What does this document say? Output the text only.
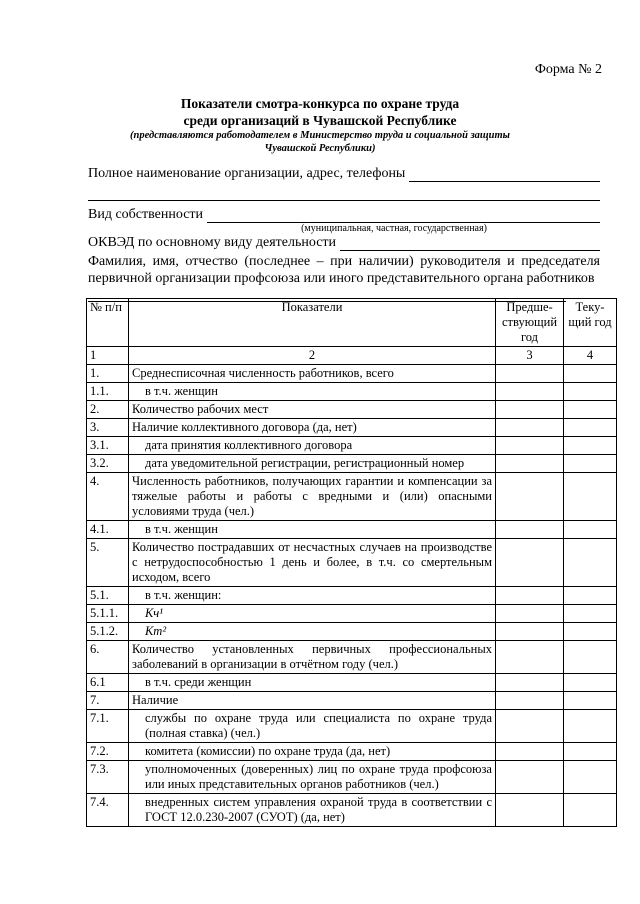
Форма № 2
Показатели смотра-конкурса по охране труда
среди организаций в Чувашской Республике
(представляются работодателем в Министерство труда и социальной защиты
Чувашской Республики)
Полное наименование организации, адрес, телефоны
Вид собственности
(муниципальная, частная, государственная)
ОКВЭД по основному виду деятельности
Фамилия, имя, отчество (последнее – при наличии) руководителя и председателя первичной организации профсоюза или иного представительного органа работников
№ п/п	Показатели	Предше-ствующий год	Теку-щий год
1	2	3	4
1.	Среднесписочная численность работников, всего		
1.1.	в т.ч. женщин		
2.	Количество рабочих мест		
3.	Наличие коллективного договора (да, нет)		
3.1.	дата принятия коллективного договора		
3.2.	дата уведомительной регистрации, регистрационный номер		
4.	Численность работников, получающих гарантии и компенсации за тяжелые работы и работы с вредными и (или) опасными условиями труда (чел.)		
4.1.	в т.ч. женщин		
5.	Количество пострадавших от несчастных случаев на производстве с нетрудоспособностью 1 день и более, в т.ч. со смертельным исходом, всего		
5.1.	в т.ч. женщин:		
5.1.1.	Кч¹		
5.1.2.	Кт²		
6.	Количество установленных первичных профессиональных заболеваний в организации в отчётном году (чел.)		
6.1	в т.ч. среди женщин		
7.	Наличие		
7.1.	службы по охране труда или специалиста по охране труда (полная ставка) (чел.)		
7.2.	комитета (комиссии) по охране труда (да, нет)		
7.3.	уполномоченных (доверенных) лиц по охране труда профсоюза или иных представительных органов работников (чел.)		
7.4.	внедренных систем управления охраной труда в соответствии с ГОСТ 12.0.230-2007 (СУОТ) (да, нет)		
